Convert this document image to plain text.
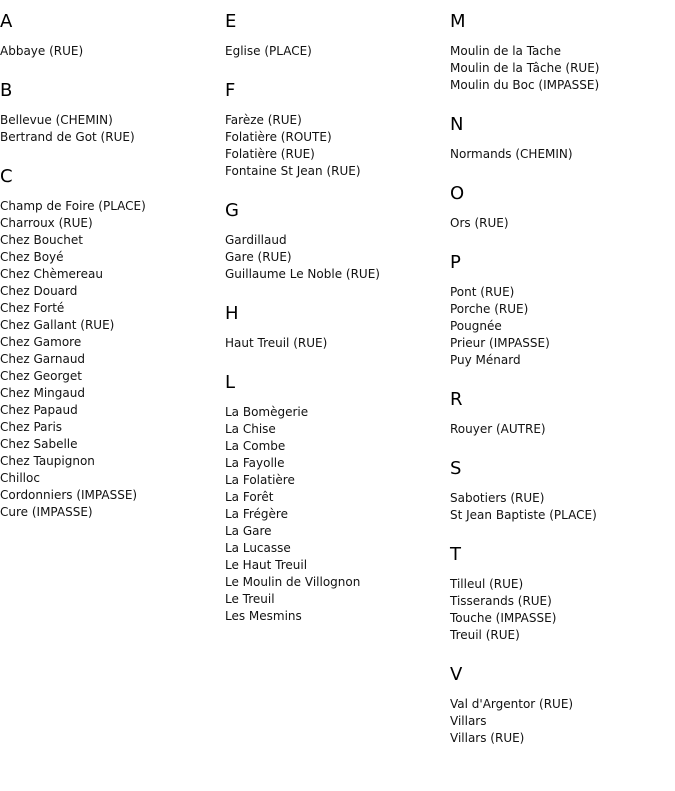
A
Abbaye (RUE)
B
Bellevue (CHEMIN)
Bertrand de Got (RUE)
C
Champ de Foire (PLACE)
Charroux (RUE)
Chez Bouchet
Chez Boyé
Chez Chèmereau
Chez Douard
Chez Forté
Chez Gallant (RUE)
Chez Gamore
Chez Garnaud
Chez Georget
Chez Mingaud
Chez Papaud
Chez Paris
Chez Sabelle
Chez Taupignon
Chilloc
Cordonniers (IMPASSE)
Cure (IMPASSE)
E
Eglise (PLACE)
F
Farèze (RUE)
Folatière (ROUTE)
Folatière (RUE)
Fontaine St Jean (RUE)
G
Gardillaud
Gare (RUE)
Guillaume Le Noble (RUE)
H
Haut Treuil (RUE)
L
La Bomègerie
La Chise
La Combe
La Fayolle
La Folatière
La Forêt
La Frégère
La Gare
La Lucasse
Le Haut Treuil
Le Moulin de Villognon
Le Treuil
Les Mesmins
M
Moulin de la Tache
Moulin de la Tâche (RUE)
Moulin du Boc (IMPASSE)
N
Normands (CHEMIN)
O
Ors (RUE)
P
Pont (RUE)
Porche (RUE)
Pougnée
Prieur (IMPASSE)
Puy Ménard
R
Rouyer (AUTRE)
S
Sabotiers (RUE)
St Jean Baptiste (PLACE)
T
Tilleul (RUE)
Tisserands (RUE)
Touche (IMPASSE)
Treuil (RUE)
V
Val d'Argentor (RUE)
Villars
Villars (RUE)
